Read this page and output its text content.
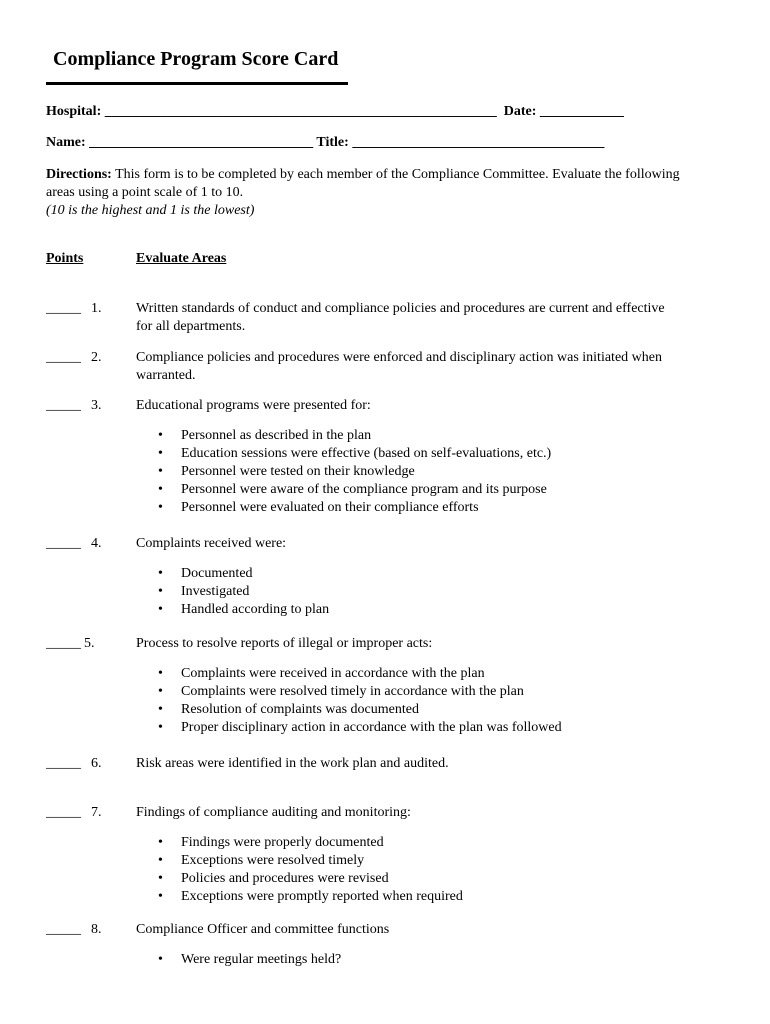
Compliance Program Score Card
Hospital: ________________________________________________________  Date: ____________
Name: ________________________________ Title: ____________________________________
Directions: This form is to be completed by each member of the Compliance Committee. Evaluate the following areas using a point scale of 1 to 10.
(10 is the highest and 1 is the lowest)
Points	Evaluate Areas
_____ 1. Written standards of conduct and compliance policies and procedures are current and effective for all departments.
_____ 2. Compliance policies and procedures were enforced and disciplinary action was initiated when warranted.
_____ 3. Educational programs were presented for:
• Personnel as described in the plan
• Education sessions were effective (based on self-evaluations, etc.)
• Personnel were tested on their knowledge
• Personnel were aware of the compliance program and its purpose
• Personnel were evaluated on their compliance efforts
_____ 4. Complaints received were:
• Documented
• Investigated
• Handled according to plan
_____ 5.	Process to resolve reports of illegal or improper acts:
• Complaints were received in accordance with the plan
• Complaints were resolved timely in accordance with the plan
• Resolution of complaints was documented
• Proper disciplinary action in accordance with the plan was followed
_____ 6. Risk areas were identified in the work plan and audited.
_____ 7. Findings of compliance auditing and monitoring:
• Findings were properly documented
• Exceptions were resolved timely
• Policies and procedures were revised
• Exceptions were promptly reported when required
_____ 8. Compliance Officer and committee functions
• Were regular meetings held?
